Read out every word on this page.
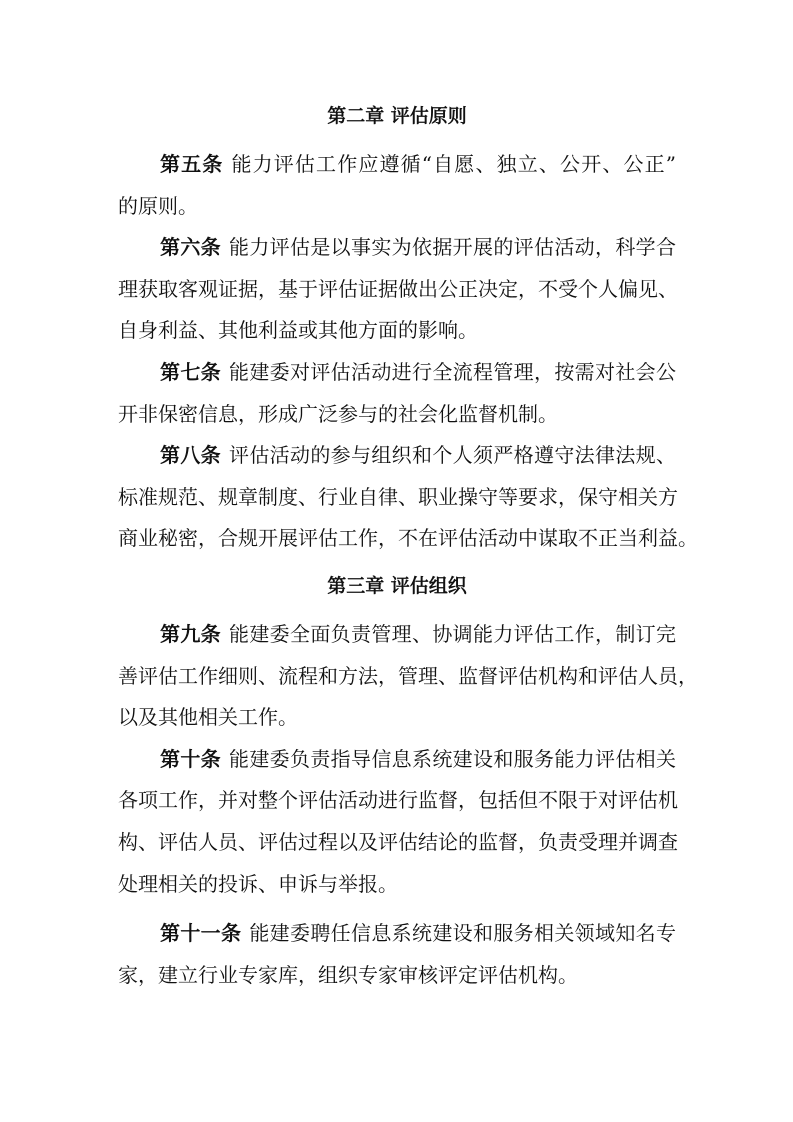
第二章 评估原则
第五条 能力评估工作应遵循“自愿、独立、公开、公正”
的原则。
第六条 能力评估是以事实为依据开展的评估活动，科学合
理获取客观证据，基于评估证据做出公正决定，不受个人偏见、
自身利益、其他利益或其他方面的影响。
第七条 能建委对评估活动进行全流程管理，按需对社会公
开非保密信息，形成广泛参与的社会化监督机制。
第八条 评估活动的参与组织和个人须严格遵守法律法规、
标准规范、规章制度、行业自律、职业操守等要求，保守相关方
商业秘密，合规开展评估工作，不在评估活动中谋取不正当利益。
第三章 评估组织
第九条 能建委全面负责管理、协调能力评估工作，制订完
善评估工作细则、流程和方法，管理、监督评估机构和评估人员，
以及其他相关工作。
第十条 能建委负责指导信息系统建设和服务能力评估相关
各项工作，并对整个评估活动进行监督，包括但不限于对评估机
构、评估人员、评估过程以及评估结论的监督，负责受理并调查
处理相关的投诉、申诉与举报。
第十一条 能建委聘任信息系统建设和服务相关领域知名专
家，建立行业专家库，组织专家审核评定评估机构。
